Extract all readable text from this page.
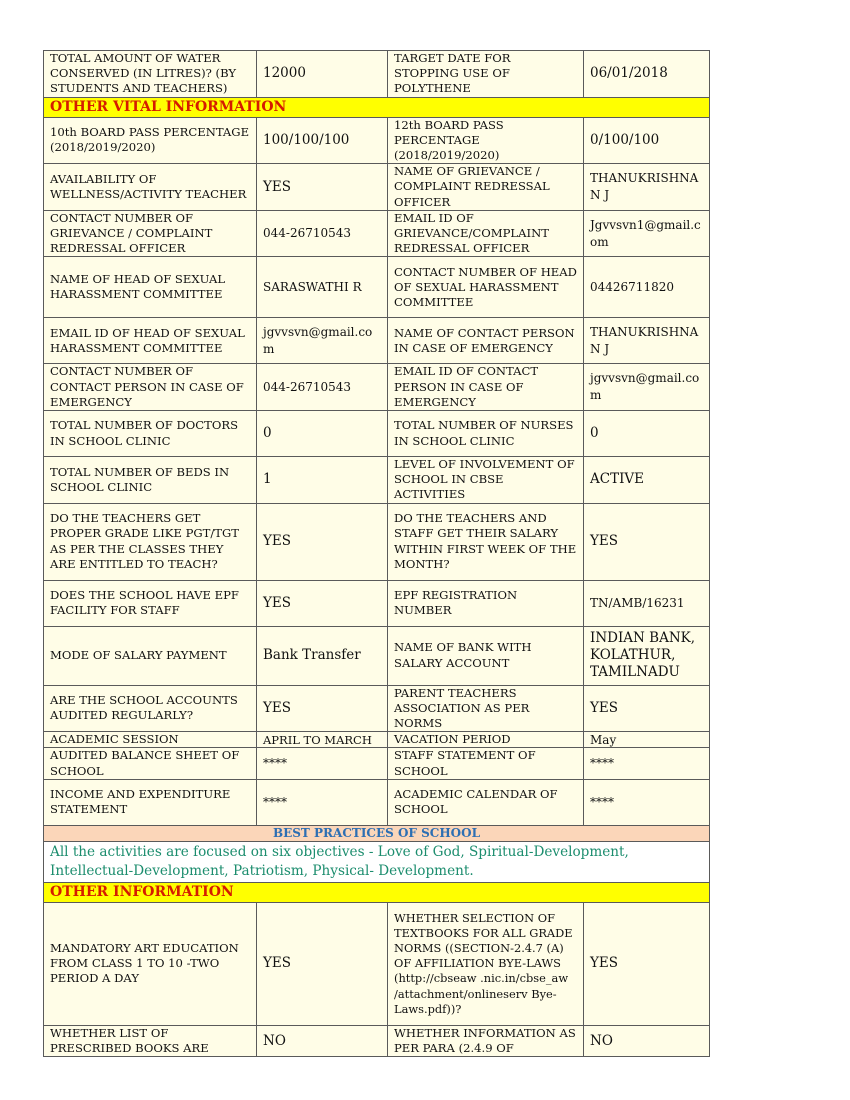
TOTAL AMOUNT OF WATER CONSERVED (IN LITRES)? (BY STUDENTS AND TEACHERS)	12000	TARGET DATE FOR STOPPING USE OF POLYTHENE	06/01/2018
OTHER VITAL INFORMATION			
10th BOARD PASS PERCENTAGE (2018/2019/2020)	100/100/100	12th BOARD PASS PERCENTAGE (2018/2019/2020)	0/100/100
AVAILABILITY OF WELLNESS/ACTIVITY TEACHER	YES	NAME OF GRIEVANCE / COMPLAINT REDRESSAL OFFICER	THANUKRISHNAN J
CONTACT NUMBER OF GRIEVANCE / COMPLAINT REDRESSAL OFFICER	044-26710543	EMAIL ID OF GRIEVANCE/COMPLAINT REDRESSAL OFFICER	Jgvvsvn1@gmail.com
NAME OF HEAD OF SEXUAL HARASSMENT COMMITTEE	SARASWATHI R	CONTACT NUMBER OF HEAD OF SEXUAL HARASSMENT COMMITTEE	04426711820
EMAIL ID OF HEAD OF SEXUAL HARASSMENT COMMITTEE	jgvvsvn@gmail.com	NAME OF CONTACT PERSON IN CASE OF EMERGENCY	THANUKRISHNAN J
CONTACT NUMBER OF CONTACT PERSON IN CASE OF EMERGENCY	044-26710543	EMAIL ID OF CONTACT PERSON IN CASE OF EMERGENCY	jgvvsvn@gmail.com
TOTAL NUMBER OF DOCTORS IN SCHOOL CLINIC	0	TOTAL NUMBER OF NURSES IN SCHOOL CLINIC	0
TOTAL NUMBER OF BEDS IN SCHOOL CLINIC	1	LEVEL OF INVOLVEMENT OF SCHOOL IN CBSE ACTIVITIES	ACTIVE
DO THE TEACHERS GET PROPER GRADE LIKE PGT/TGT AS PER THE CLASSES THEY ARE ENTITLED TO TEACH?	YES	DO THE TEACHERS AND STAFF GET THEIR SALARY WITHIN FIRST WEEK OF THE MONTH?	YES
DOES THE SCHOOL HAVE EPF FACILITY FOR STAFF	YES	EPF REGISTRATION NUMBER	TN/AMB/16231
MODE OF SALARY PAYMENT	Bank Transfer	NAME OF BANK WITH SALARY ACCOUNT	INDIAN BANK, KOLATHUR, TAMILNADU
ARE THE SCHOOL ACCOUNTS AUDITED REGULARLY?	YES	PARENT TEACHERS ASSOCIATION AS PER NORMS	YES
ACADEMIC SESSION	APRIL TO MARCH	VACATION PERIOD	May
AUDITED BALANCE SHEET OF SCHOOL	****	STAFF STATEMENT OF SCHOOL	****
INCOME AND EXPENDITURE STATEMENT	****	ACADEMIC CALENDAR OF SCHOOL	****
BEST PRACTICES OF SCHOOL			
All the activities are focused on six objectives - Love of God, Spiritual-Development, Intellectual-Development, Patriotism, Physical- Development.			
OTHER INFORMATION			
MANDATORY ART EDUCATION FROM CLASS 1 TO 10 -TWO PERIOD A DAY	YES	WHETHER SELECTION OF TEXTBOOKS FOR ALL GRADE NORMS ((SECTION-2.4.7 (A) OF AFFILIATION BYE-LAWS (http://cbseaw .nic.in/cbse_aw /attachment/onlineserv Bye-Laws.pdf))?	YES
WHETHER LIST OF PRESCRIBED BOOKS ARE	NO	WHETHER INFORMATION AS PER PARA (2.4.9 OF	NO
